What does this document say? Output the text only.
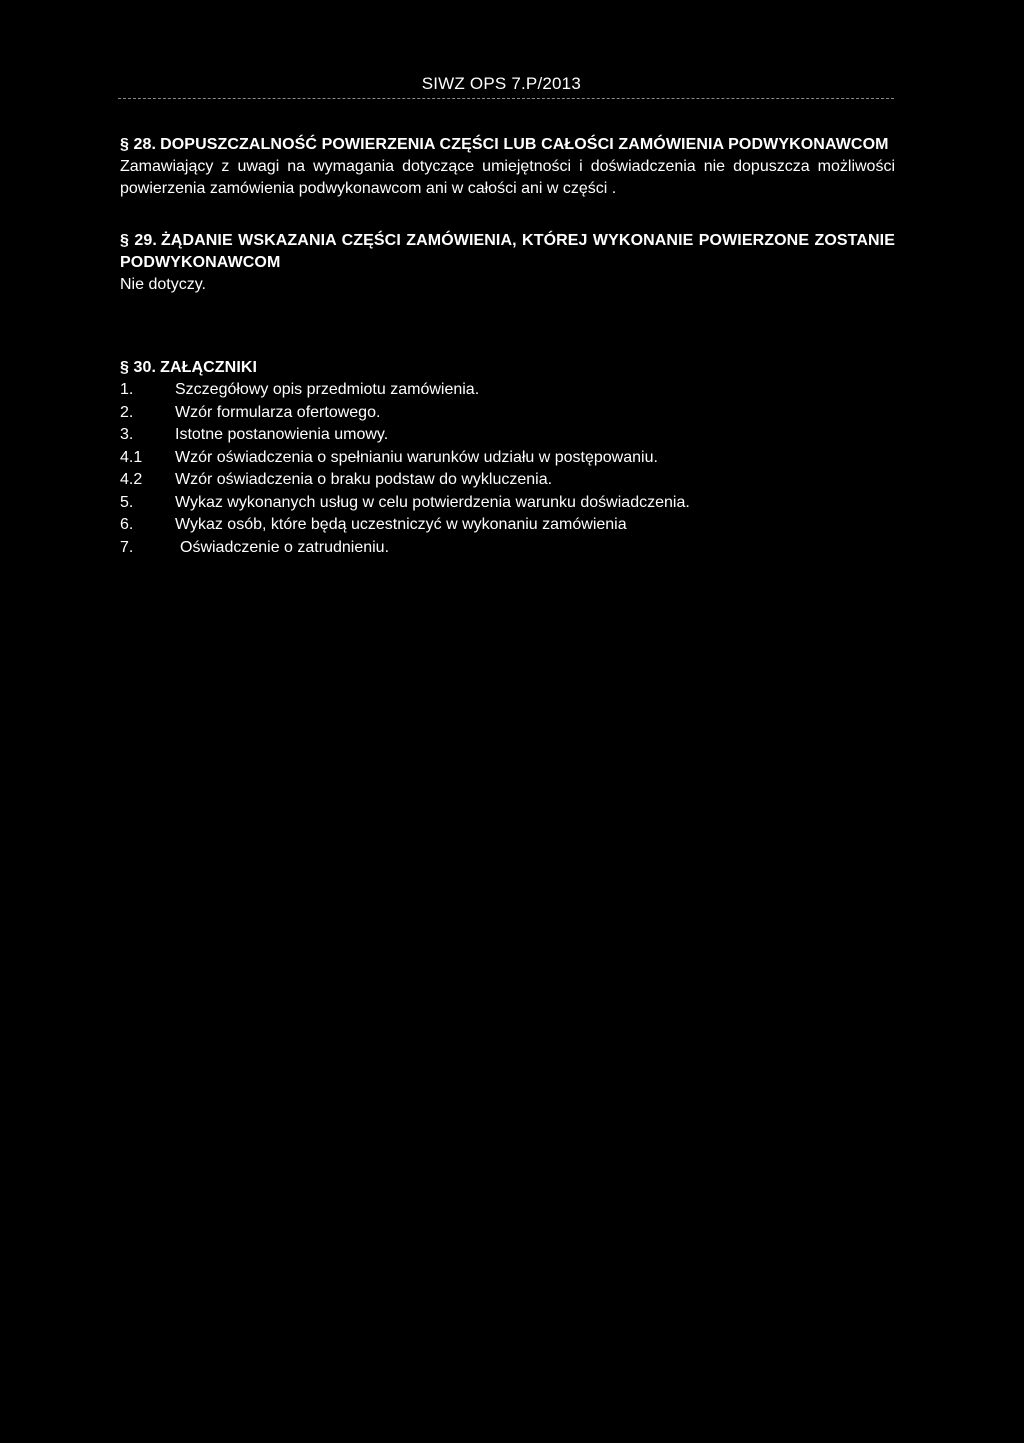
SIWZ OPS 7.P/2013
§ 28. DOPUSZCZALNOŚĆ POWIERZENIA CZĘŚCI LUB CAŁOŚCI ZAMÓWIENIA PODWYKONAWCOM
Zamawiający z uwagi na wymagania dotyczące umiejętności i doświadczenia nie dopuszcza możliwości powierzenia zamówienia podwykonawcom ani w całości ani w części .
§ 29. ŻĄDANIE WSKAZANIA CZĘŚCI ZAMÓWIENIA, KTÓREJ WYKONANIE POWIERZONE ZOSTANIE PODWYKONAWCOM
Nie dotyczy.
§ 30. ZAŁĄCZNIKI
1.	Szczegółowy opis przedmiotu zamówienia.
2.	Wzór formularza ofertowego.
3.	Istotne postanowienia umowy.
4.1	Wzór oświadczenia o spełnianiu warunków udziału w postępowaniu.
4.2	Wzór oświadczenia o braku podstaw do wykluczenia.
5.	Wykaz wykonanych usług w celu potwierdzenia warunku doświadczenia.
6.	Wykaz osób, które będą uczestniczyć w wykonaniu zamówienia
7.	Oświadczenie o zatrudnieniu.
